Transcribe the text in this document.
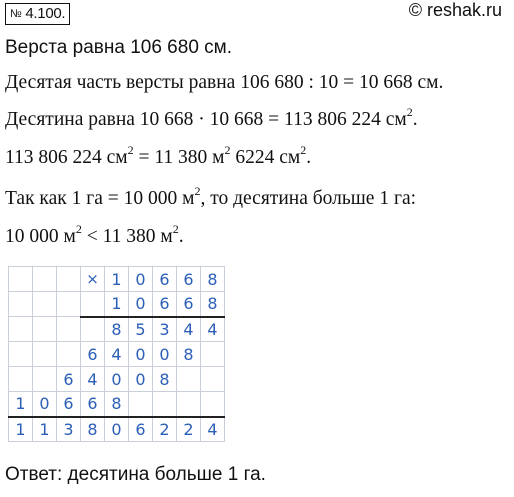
№ 4.100.	© reshak.ru
Верста равна 106 680 см.
Десятая часть версты равна 106 680 : 10 = 10 668 см.
Десятина равна 10 668 · 10 668 = 113 806 224 $см^2$.
113 806 224 $см^2 = 11$ 380 $м^2$ 6224 $см^2$.
Так как 1 га = 10 000 $м^2$, то десятина больше 1 га:
10 000 $м^2 < 11$ 380 $м^2$.
			×	1	0	6	6	8
				1	0	6	6	8
				8	5	3	4	4
			6	4	0	0	8	
		6	4	0	0	8		
1	0	6	6	8				
1	1	3	8	0	6	2	2	4
Ответ: десятина больше 1 га.
